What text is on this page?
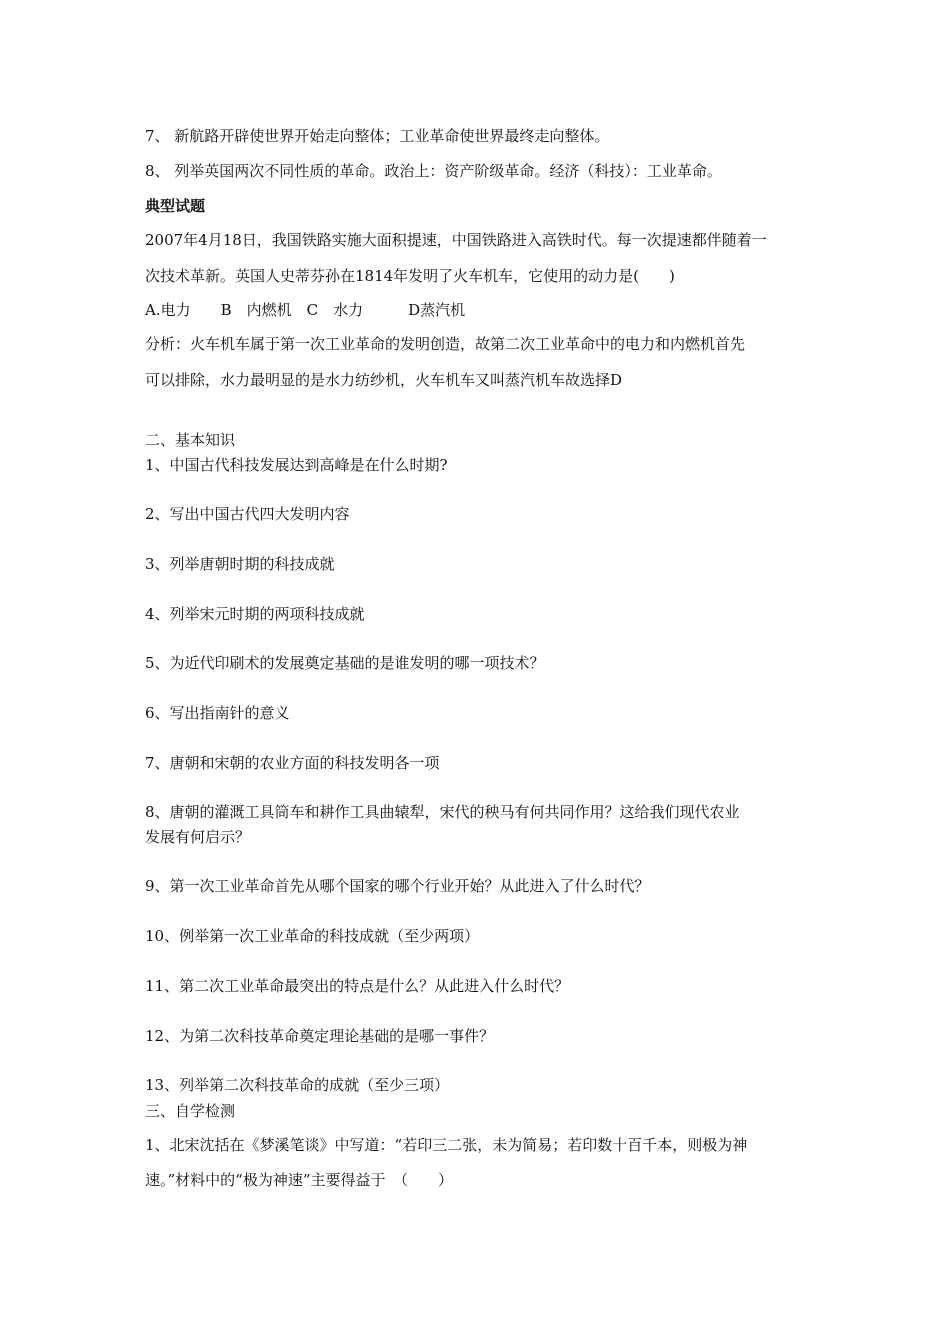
7、 新航路开辟使世界开始走向整体；工业革命使世界最终走向整体。
8、 列举英国两次不同性质的革命。政治上：资产阶级革命。经济（科技）：工业革命。
典型试题
2007年4月18日，我国铁路实施大面积提速，中国铁路进入高铁时代。每一次提速都伴随着一
次技术革新。英国人史蒂芬孙在1814年发明了火车机车，它使用的动力是(　　)
A.电力　　B　内燃机　C　水力　　　D蒸汽机
分析：火车机车属于第一次工业革命的发明创造，故第二次工业革命中的电力和内燃机首先
可以排除，水力最明显的是水力纺纱机，火车机车又叫蒸汽机车故选择D
二、基本知识
1、中国古代科技发展达到高峰是在什么时期?
2、写出中国古代四大发明内容
3、列举唐朝时期的科技成就
4、列举宋元时期的两项科技成就
5、为近代印刷术的发展奠定基础的是谁发明的哪一项技术？
6、写出指南针的意义
7、唐朝和宋朝的农业方面的科技发明各一项
8、唐朝的灌溉工具筒车和耕作工具曲辕犁，宋代的秧马有何共同作用？这给我们现代农业
发展有何启示？
9、第一次工业革命首先从哪个国家的哪个行业开始？从此进入了什么时代？
10、例举第一次工业革命的科技成就（至少两项）
11、第二次工业革命最突出的特点是什么？从此进入什么时代？
12、为第二次科技革命奠定理论基础的是哪一事件？
13、列举第二次科技革命的成就（至少三项）
三、自学检测
1、北宋沈括在《梦溪笔谈》中写道：“若印三二张，未为简易；若印数十百千本，则极为神
速。”材料中的“极为神速”主要得益于　（　　）
